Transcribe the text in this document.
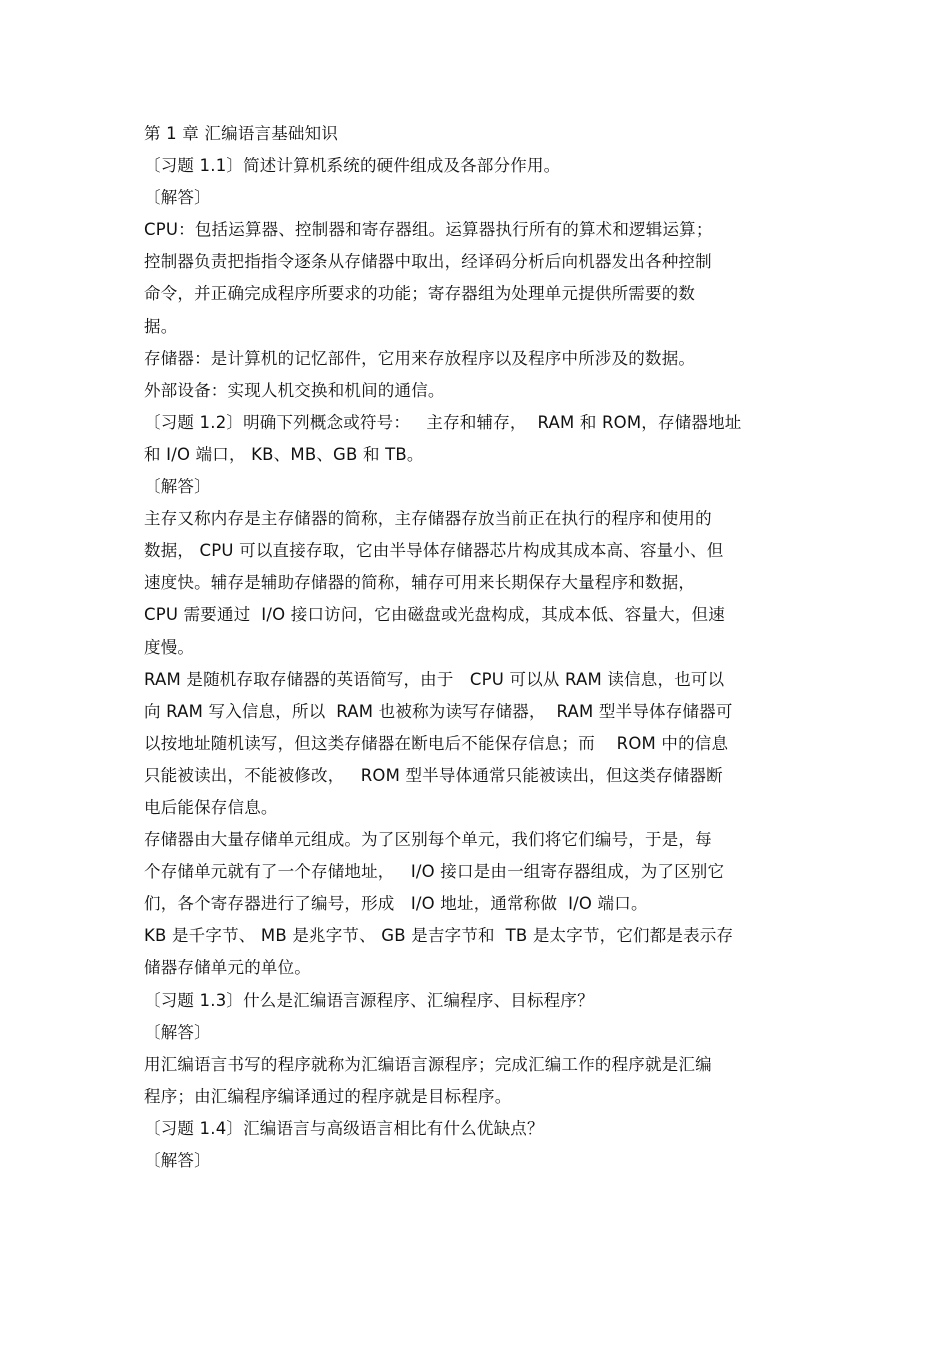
第 1 章 汇编语言基础知识
〔习题 1.1〕简述计算机系统的硬件组成及各部分作用。
〔解答〕
CPU：包括运算器、控制器和寄存器组。运算器执行所有的算术和逻辑运算；
控制器负责把指指令逐条从存储器中取出，经译码分析后向机器发出各种控制
命令，并正确完成程序所要求的功能；寄存器组为处理单元提供所需要的数
据。
存储器：是计算机的记忆部件，它用来存放程序以及程序中所涉及的数据。
外部设备：实现人机交换和机间的通信。
〔习题 1.2〕明确下列概念或符号：   主存和辅存，  RAM 和 ROM，存储器地址
和 I/O 端口， KB、MB、GB 和 TB。
〔解答〕
主存又称内存是主存储器的简称，主存储器存放当前正在执行的程序和使用的
数据， CPU 可以直接存取，它由半导体存储器芯片构成其成本高、容量小、但
速度快。辅存是辅助存储器的简称，辅存可用来长期保存大量程序和数据，
CPU 需要通过  I/O 接口访问，它由磁盘或光盘构成，其成本低、容量大，但速
度慢。
RAM 是随机存取存储器的英语简写，由于   CPU 可以从 RAM 读信息，也可以
向 RAM 写入信息，所以  RAM 也被称为读写存储器，  RAM 型半导体存储器可
以按地址随机读写，但这类存储器在断电后不能保存信息；而    ROM 中的信息
只能被读出，不能被修改，   ROM 型半导体通常只能被读出，但这类存储器断
电后能保存信息。
存储器由大量存储单元组成。为了区别每个单元，我们将它们编号，于是，每
个存储单元就有了一个存储地址，   I/O 接口是由一组寄存器组成，为了区别它
们，各个寄存器进行了编号，形成   I/O 地址，通常称做  I/O 端口。
KB 是千字节、 MB 是兆字节、 GB 是吉字节和  TB 是太字节，它们都是表示存
储器存储单元的单位。
〔习题 1.3〕什么是汇编语言源程序、汇编程序、目标程序？
〔解答〕
用汇编语言书写的程序就称为汇编语言源程序；完成汇编工作的程序就是汇编
程序；由汇编程序编译通过的程序就是目标程序。
〔习题 1.4〕汇编语言与高级语言相比有什么优缺点？
〔解答〕
